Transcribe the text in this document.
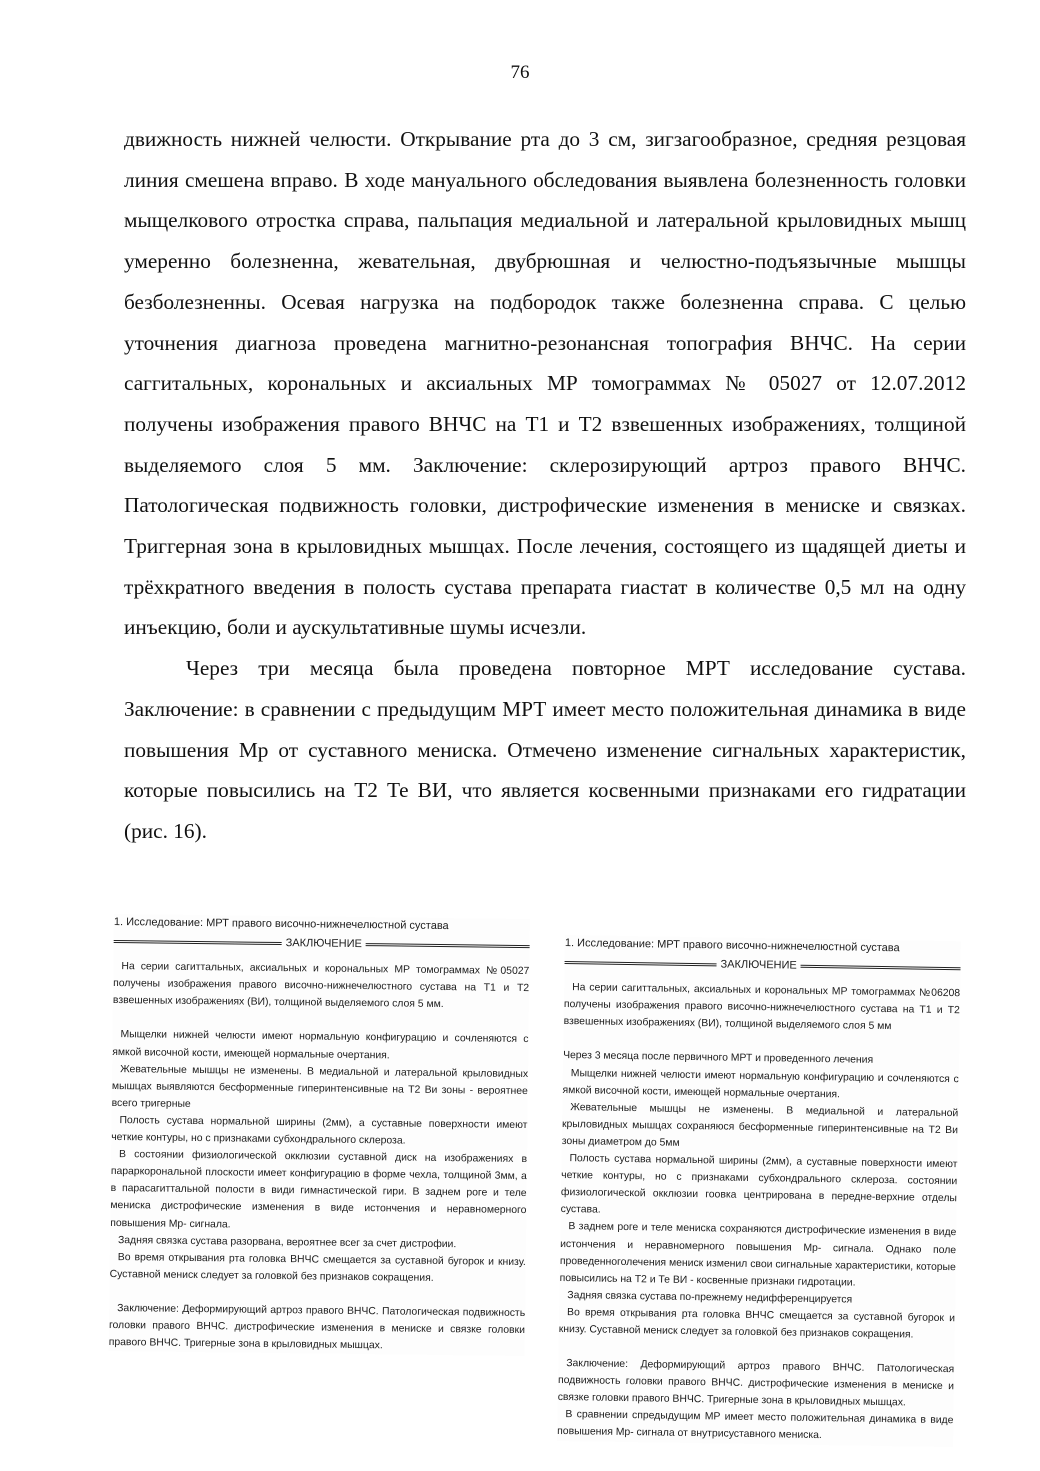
76

движность нижней челюсти. Открывание рта до 3 см, зигзагообразное, средняя резцовая линия смешена вправо. В ходе мануального обследования выявлена болезненность головки мыщелкового отростка справа, пальпация медиальной и латеральной крыловидных мышц умеренно болезненна, жевательная, двубрюшная и челюстно-подъязычные мышцы безболезненны. Осевая нагрузка на подбородок также болезненна справа. С целью уточнения диагноза проведена магнитно-резонансная топография ВНЧС. На серии саггитальных, корональных и аксиальных МР томограммах № 05027 от 12.07.2012 получены изображения правого ВНЧС на Т1 и Т2 взвешенных изображениях, толщиной выделяемого слоя 5 мм. Заключение: склерозирующий артроз правого ВНЧС. Патологическая подвижность головки, дистрофические изменения в мениске и связках. Триггерная зона в крыловидных мышцах. После лечения, состоящего из щадящей диеты и трёхкратного введения в полость сустава препарата гиастат в количестве 0,5 мл на одну инъекцию, боли и аускультативные шумы исчезли.

Через три месяца была проведена повторное МРТ исследование сустава. Заключение: в сравнении с предыдущим МРТ имеет место положительная динамика в виде повышения Мр от суставного мениска. Отмечено изменение сигнальных характеристик, которые повысились на Т2 Те ВИ, что является косвенными признаками его гидратации (рис. 16).

1. Исследование: МРТ правого височно-нижнечелюстной сустава
ЗАКЛЮЧЕНИЕ

На серии сагиттальных, аксиальных и корональных МР томограммах №05027 получены изображения правого височно-нижнечелюстного сустава на Т1 и Т2 взвешенных изображениях (ВИ), толщиной выделяемого слоя 5 мм.

Мыщелки нижней челюсти имеют нормальную конфигурацию и сочленяются с ямкой височной кости, имеющей нормальные очертания.

Жевательные мышцы не изменены. В медиальной и латеральной крыловидных мышцах выявляются бесформенные гиперинтенсивные на Т2 Ви зоны - вероятнее всего тригерные

Полость сустава нормальной ширины (2мм), а суставные поверхности имеют четкие контуры, но с признаками субхондрального склероза.

В состоянии физиологической окклюзии суставной диск на изображениях в параркорональной плоскости имеет конфигурацию в форме чехла, толщиной 3мм, а в парасагиттальной полости в види гимнастической гири. В заднем роге и теле мениска дистрофические изменения в виде истончения и неравномерного повышения Мр- сигнала.

Задняя связка сустава разорвана, вероятнее всег за счет дистрофии.

Во время открывания рта головка ВНЧС смещается за суставной бугорок и книзу. Суставной мениск следует за головкой без признаков сокращения.

Заключение: Деформирующий артроз правого ВНЧС. Патологическая подвижность головки правого ВНЧС. дистрофические изменения в мениске и связке головки правого ВНЧС. Тригерные зона в крыловидных мышцах.

1. Исследование: МРТ правого височно-нижнечелюстной сустава
ЗАКЛЮЧЕНИЕ

На серии сагиттальных, аксиальных и корональных МР томограммах №06208 получены изображения правого височно-нижнечелюстного сустава на Т1 и Т2 взвешенных изображениях (ВИ), толщиной выделяемого слоя 5 мм

Через 3 месяца после первичного МРТ и проведенного лечения

Мыщелки нижней челюсти имеют нормальную конфигурацию и сочленяются с ямкой височной кости, имеющей нормальные очертания.

Жевательные мышцы не изменены. В медиальной и латеральной крыловидных мышцах сохраняюся бесформенные гиперинтенсивные на Т2 Ви зоны диаметром до 5мм

Полость сустава нормальной ширины (2мм), а суставные поверхности имеют четкие контуры, но с признаками субхондрального склероза. состоянии физиологической окклюзии гоовка центрирована в передне-верхние отделы сустава.

В заднем роге и теле мениска сохраняются дистрофические изменения в виде истончения и неравномерного повышения Мр- сигнала. Однако поле проведенноголечения мениск изменил свои сигнальные характеристики, которые повысились на Т2 и Те ВИ - косвенные признаки гидротации.

Задняя связка сустава по-прежнему недифференцируется

Во время открывания рта головка ВНЧС смещается за суставной бугорок и книзу. Суставной мениск следует за головкой без признаков сокращения.

Заключение: Деформирующий артроз правого ВНЧС. Патологическая подвижность головки правого ВНЧС. дистрофические изменения в мениске и связке головки правого ВНЧС. Тригерные зона в крыловидных мышцах.

В сравнении спредыдущим МР имеет место положительная динамика в виде повышения Мр- сигнала от внутрисуставного мениска.
